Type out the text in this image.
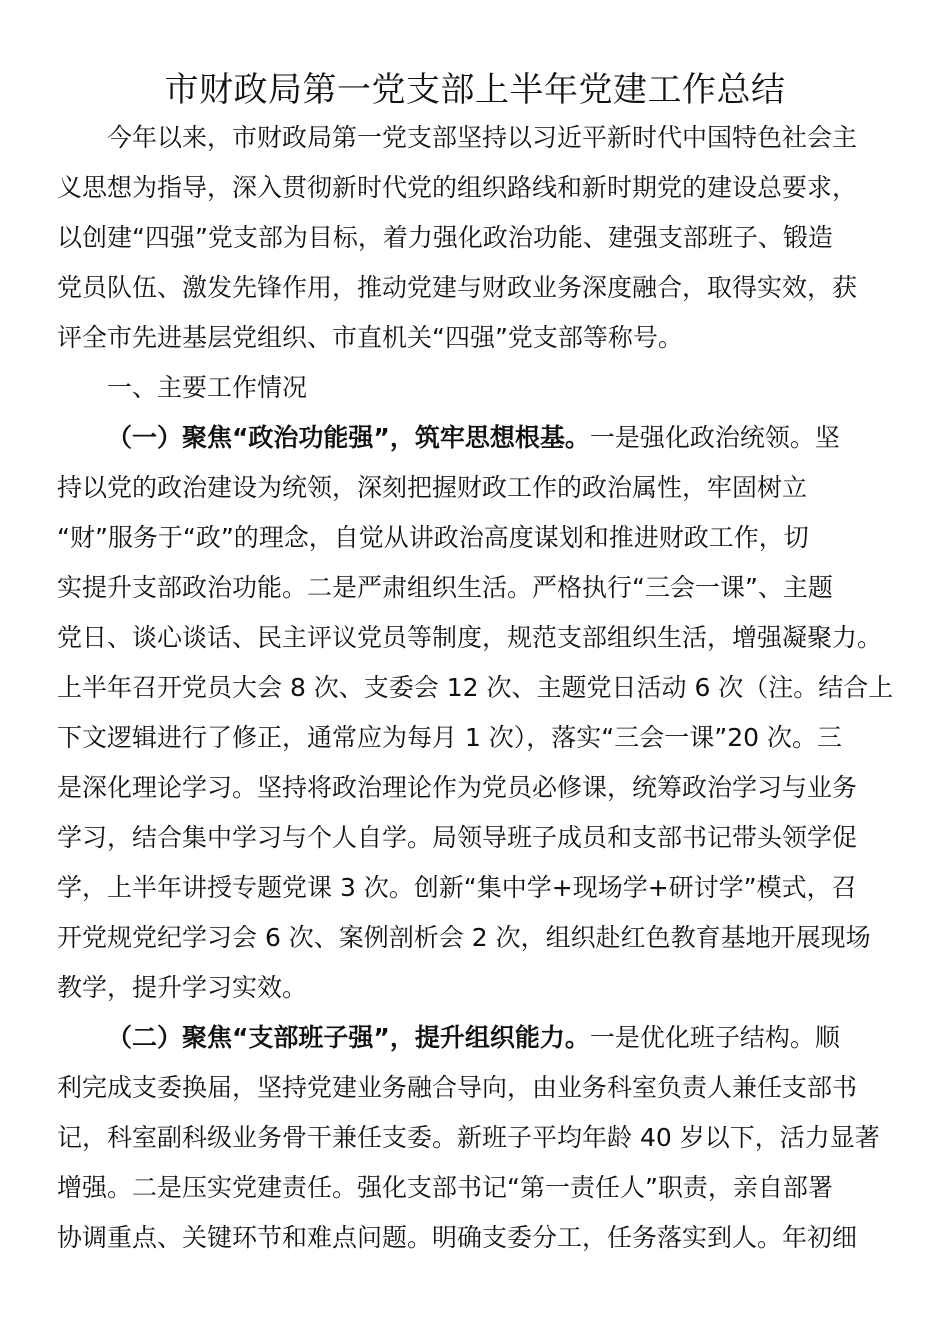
市财政局第一党支部上半年党建工作总结
今年以来，市财政局第一党支部坚持以习近平新时代中国特色社会主
义思想为指导，深入贯彻新时代党的组织路线和新时期党的建设总要求，
以创建“四强”党支部为目标，着力强化政治功能、建强支部班子、锻造
党员队伍、激发先锋作用，推动党建与财政业务深度融合，取得实效，获
评全市先进基层党组织、市直机关“四强”党支部等称号。
一、主要工作情况
（一）聚焦“政治功能强”，筑牢思想根基。一是强化政治统领。坚
持以党的政治建设为统领，深刻把握财政工作的政治属性，牢固树立
“财”服务于“政”的理念，自觉从讲政治高度谋划和推进财政工作，切
实提升支部政治功能。二是严肃组织生活。严格执行“三会一课”、主题
党日、谈心谈话、民主评议党员等制度，规范支部组织生活，增强凝聚力。
上半年召开党员大会 8 次、支委会 12 次、主题党日活动 6 次（注。结合上
下文逻辑进行了修正，通常应为每月 1 次），落实“三会一课”20 次。三
是深化理论学习。坚持将政治理论作为党员必修课，统筹政治学习与业务
学习，结合集中学习与个人自学。局领导班子成员和支部书记带头领学促
学，上半年讲授专题党课 3 次。创新“集中学+现场学+研讨学”模式，召
开党规党纪学习会 6 次、案例剖析会 2 次，组织赴红色教育基地开展现场
教学，提升学习实效。
（二）聚焦“支部班子强”，提升组织能力。一是优化班子结构。顺
利完成支委换届，坚持党建业务融合导向，由业务科室负责人兼任支部书
记，科室副科级业务骨干兼任支委。新班子平均年龄 40 岁以下，活力显著
增强。二是压实党建责任。强化支部书记“第一责任人”职责，亲自部署
协调重点、关键环节和难点问题。明确支委分工，任务落实到人。年初细
